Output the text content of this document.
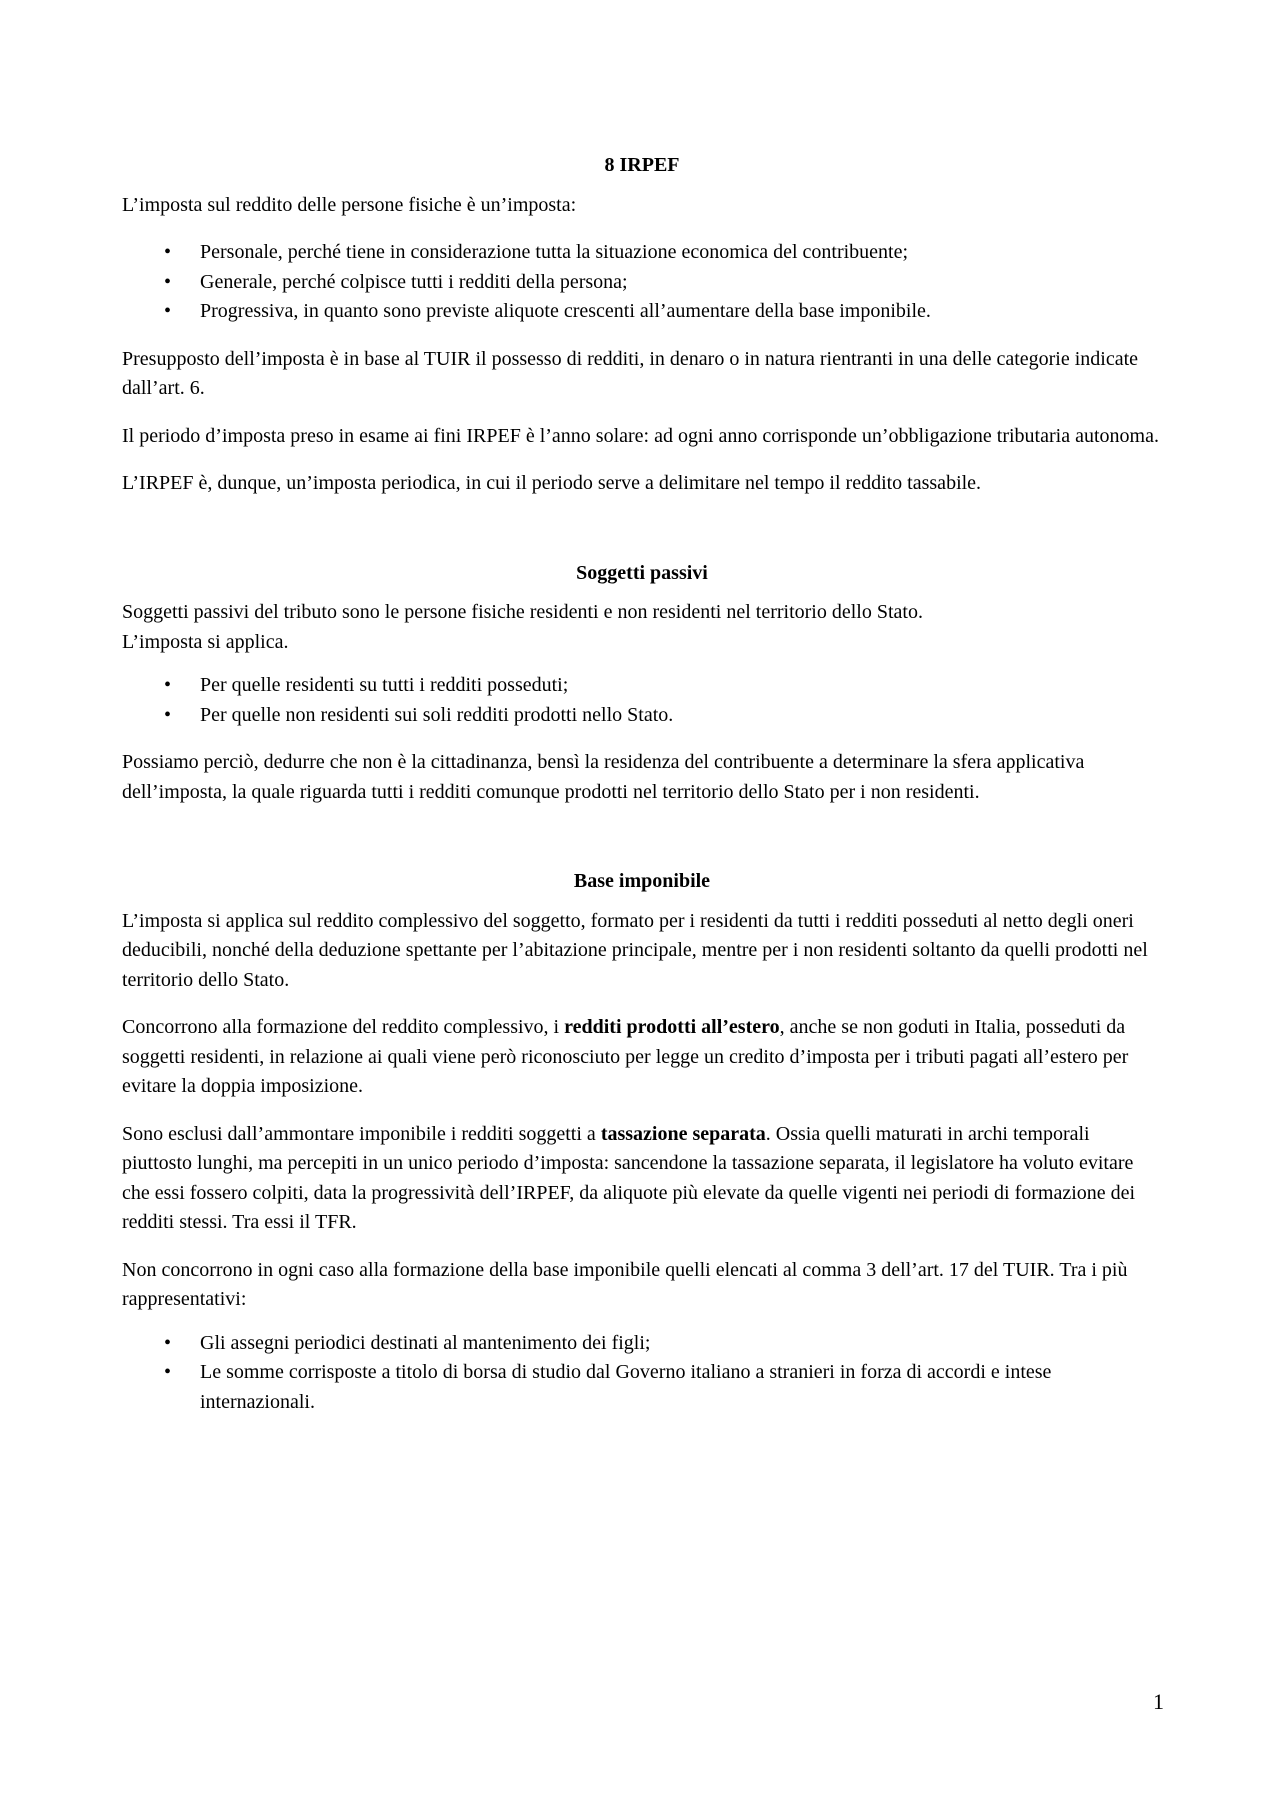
8 IRPEF

L’imposta sul reddito delle persone fisiche è un’imposta:

• Personale, perché tiene in considerazione tutta la situazione economica del contribuente;
• Generale, perché colpisce tutti i redditi della persona;
• Progressiva, in quanto sono previste aliquote crescenti all’aumentare della base imponibile.

Presupposto dell’imposta è in base al TUIR il possesso di redditi, in denaro o in natura rientranti in una delle categorie indicate dall’art. 6.

Il periodo d’imposta preso in esame ai fini IRPEF è l’anno solare: ad ogni anno corrisponde un’obbligazione tributaria autonoma.

L’IRPEF è, dunque, un’imposta periodica, in cui il periodo serve a delimitare nel tempo il reddito tassabile.

Soggetti passivi

Soggetti passivi del tributo sono le persone fisiche residenti e non residenti nel territorio dello Stato.
L’imposta si applica.

• Per quelle residenti su tutti i redditi posseduti;
• Per quelle non residenti sui soli redditi prodotti nello Stato.

Possiamo perciò, dedurre che non è la cittadinanza, bensì la residenza del contribuente a determinare la sfera applicativa dell’imposta, la quale riguarda tutti i redditi comunque prodotti nel territorio dello Stato per i non residenti.

Base imponibile

L’imposta si applica sul reddito complessivo del soggetto, formato per i residenti da tutti i redditi posseduti al netto degli oneri deducibili, nonché della deduzione spettante per l’abitazione principale, mentre per i non residenti soltanto da quelli prodotti nel territorio dello Stato.

Concorrono alla formazione del reddito complessivo, i redditi prodotti all’estero, anche se non goduti in Italia, posseduti da soggetti residenti, in relazione ai quali viene però riconosciuto per legge un credito d’imposta per i tributi pagati all’estero per evitare la doppia imposizione.

Sono esclusi dall’ammontare imponibile i redditi soggetti a tassazione separata. Ossia quelli maturati in archi temporali piuttosto lunghi, ma percepiti in un unico periodo d’imposta: sancendone la tassazione separata, il legislatore ha voluto evitare che essi fossero colpiti, data la progressività dell’IRPEF, da aliquote più elevate da quelle vigenti nei periodi di formazione dei redditi stessi. Tra essi il TFR.

Non concorrono in ogni caso alla formazione della base imponibile quelli elencati al comma 3 dell’art. 17 del TUIR. Tra i più rappresentativi:

• Gli assegni periodici destinati al mantenimento dei figli;
• Le somme corrisposte a titolo di borsa di studio dal Governo italiano a stranieri in forza di accordi e intese internazionali.
1
